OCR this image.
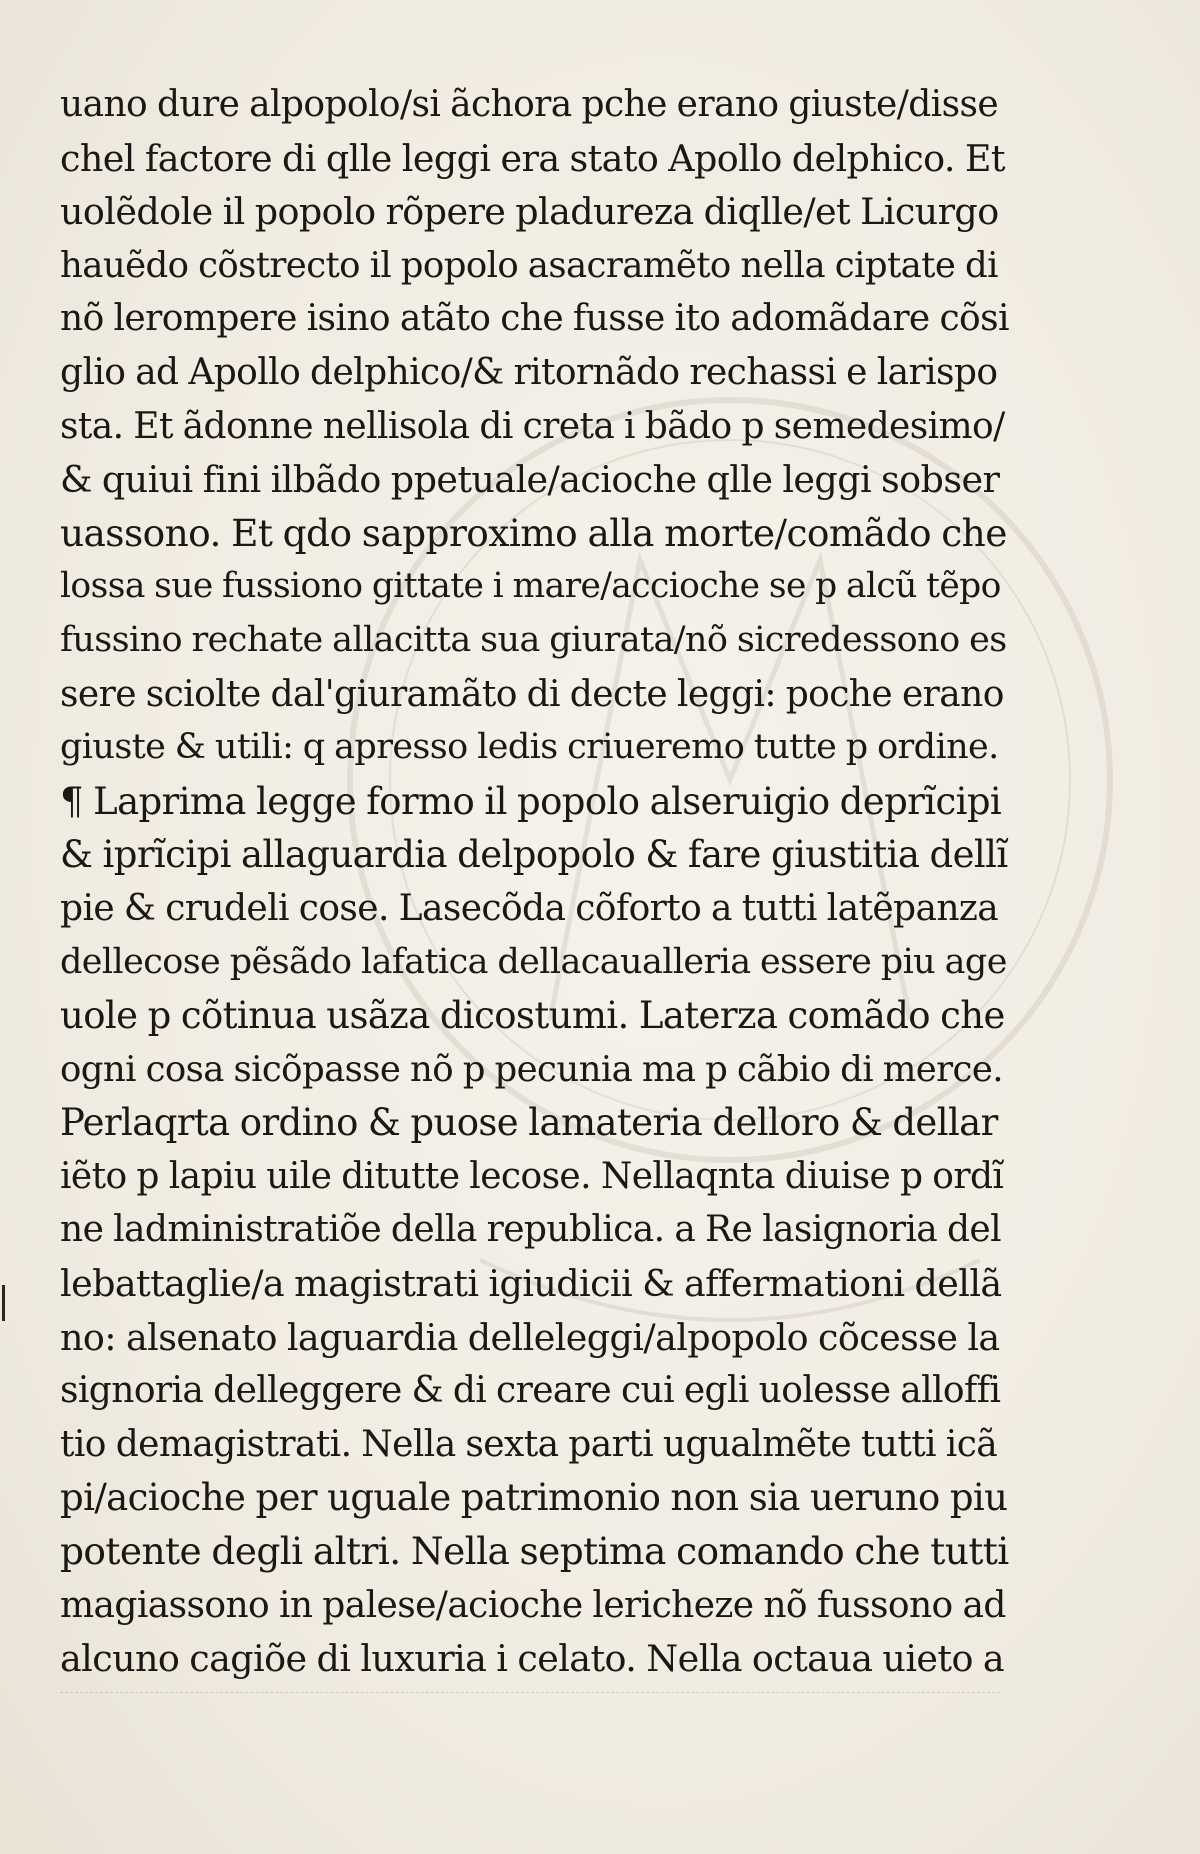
uano dure alpopolo/si ãchora pche erano giuste/disse
chel factore di qlle leggi era stato Apollo delphico. Et
uolẽdole il popolo rõpere pladureza diqlle/et Licurgo
hauẽdo cõstrecto il popolo asacramẽto nella ciptate di
nõ lerompere isino atãto che fusse ito adomãdare cõsi
glio ad Apollo delphico/& ritornãdo rechassi e larispo
sta. Et ãdonne nellisola di creta i bãdo p semedesimo/
& quiui fini ilbãdo ppetuale/acioche qlle leggi sobser
uassono. Et qdo sapproximo alla morte/comãdo che
lossa sue fussiono gittate i mare/accioche se p alcũ tẽpo
fussino rechate allacitta sua giurata/nõ sicredessono es
sere sciolte dal'giuramãto di decte leggi: poche erano
giuste & utili: q apresso ledis criueremo tutte p ordine.
¶ Laprima legge formo il popolo alseruigio deprĩcipi
& iprĩcipi allaguardia delpopolo & fare giustitia dellĩ
pie & crudeli cose. Lasecõda cõforto a tutti latẽpanza
dellecose pẽsãdo lafatica dellacaualleria essere piu age
uole p cõtinua usãza dicostumi. Laterza comãdo che
ogni cosa sicõpasse nõ p pecunia ma p cãbio di merce.
Perlaqrta ordino & puose lamateria delloro & dellar
iẽto p lapiu uile ditutte lecose. Nellaqnta diuise p ordĩ
ne ladministratiõe della republica. a Re lasignoria del
lebattaglie/a magistrati igiudicii & affermationi dellã
no: alsenato laguardia delleleggi/alpopolo cõcesse la
signoria delleggere & di creare cui egli uolesse alloffi
tio demagistrati. Nella sexta parti ugualmẽte tutti icã
pi/acioche per uguale patrimonio non sia ueruno piu
potente degli altri. Nella septima comando che tutti
magiassono in palese/acioche lericheze nõ fussono ad
alcuno cagiõe di luxuria i celato. Nella octaua uieto a
